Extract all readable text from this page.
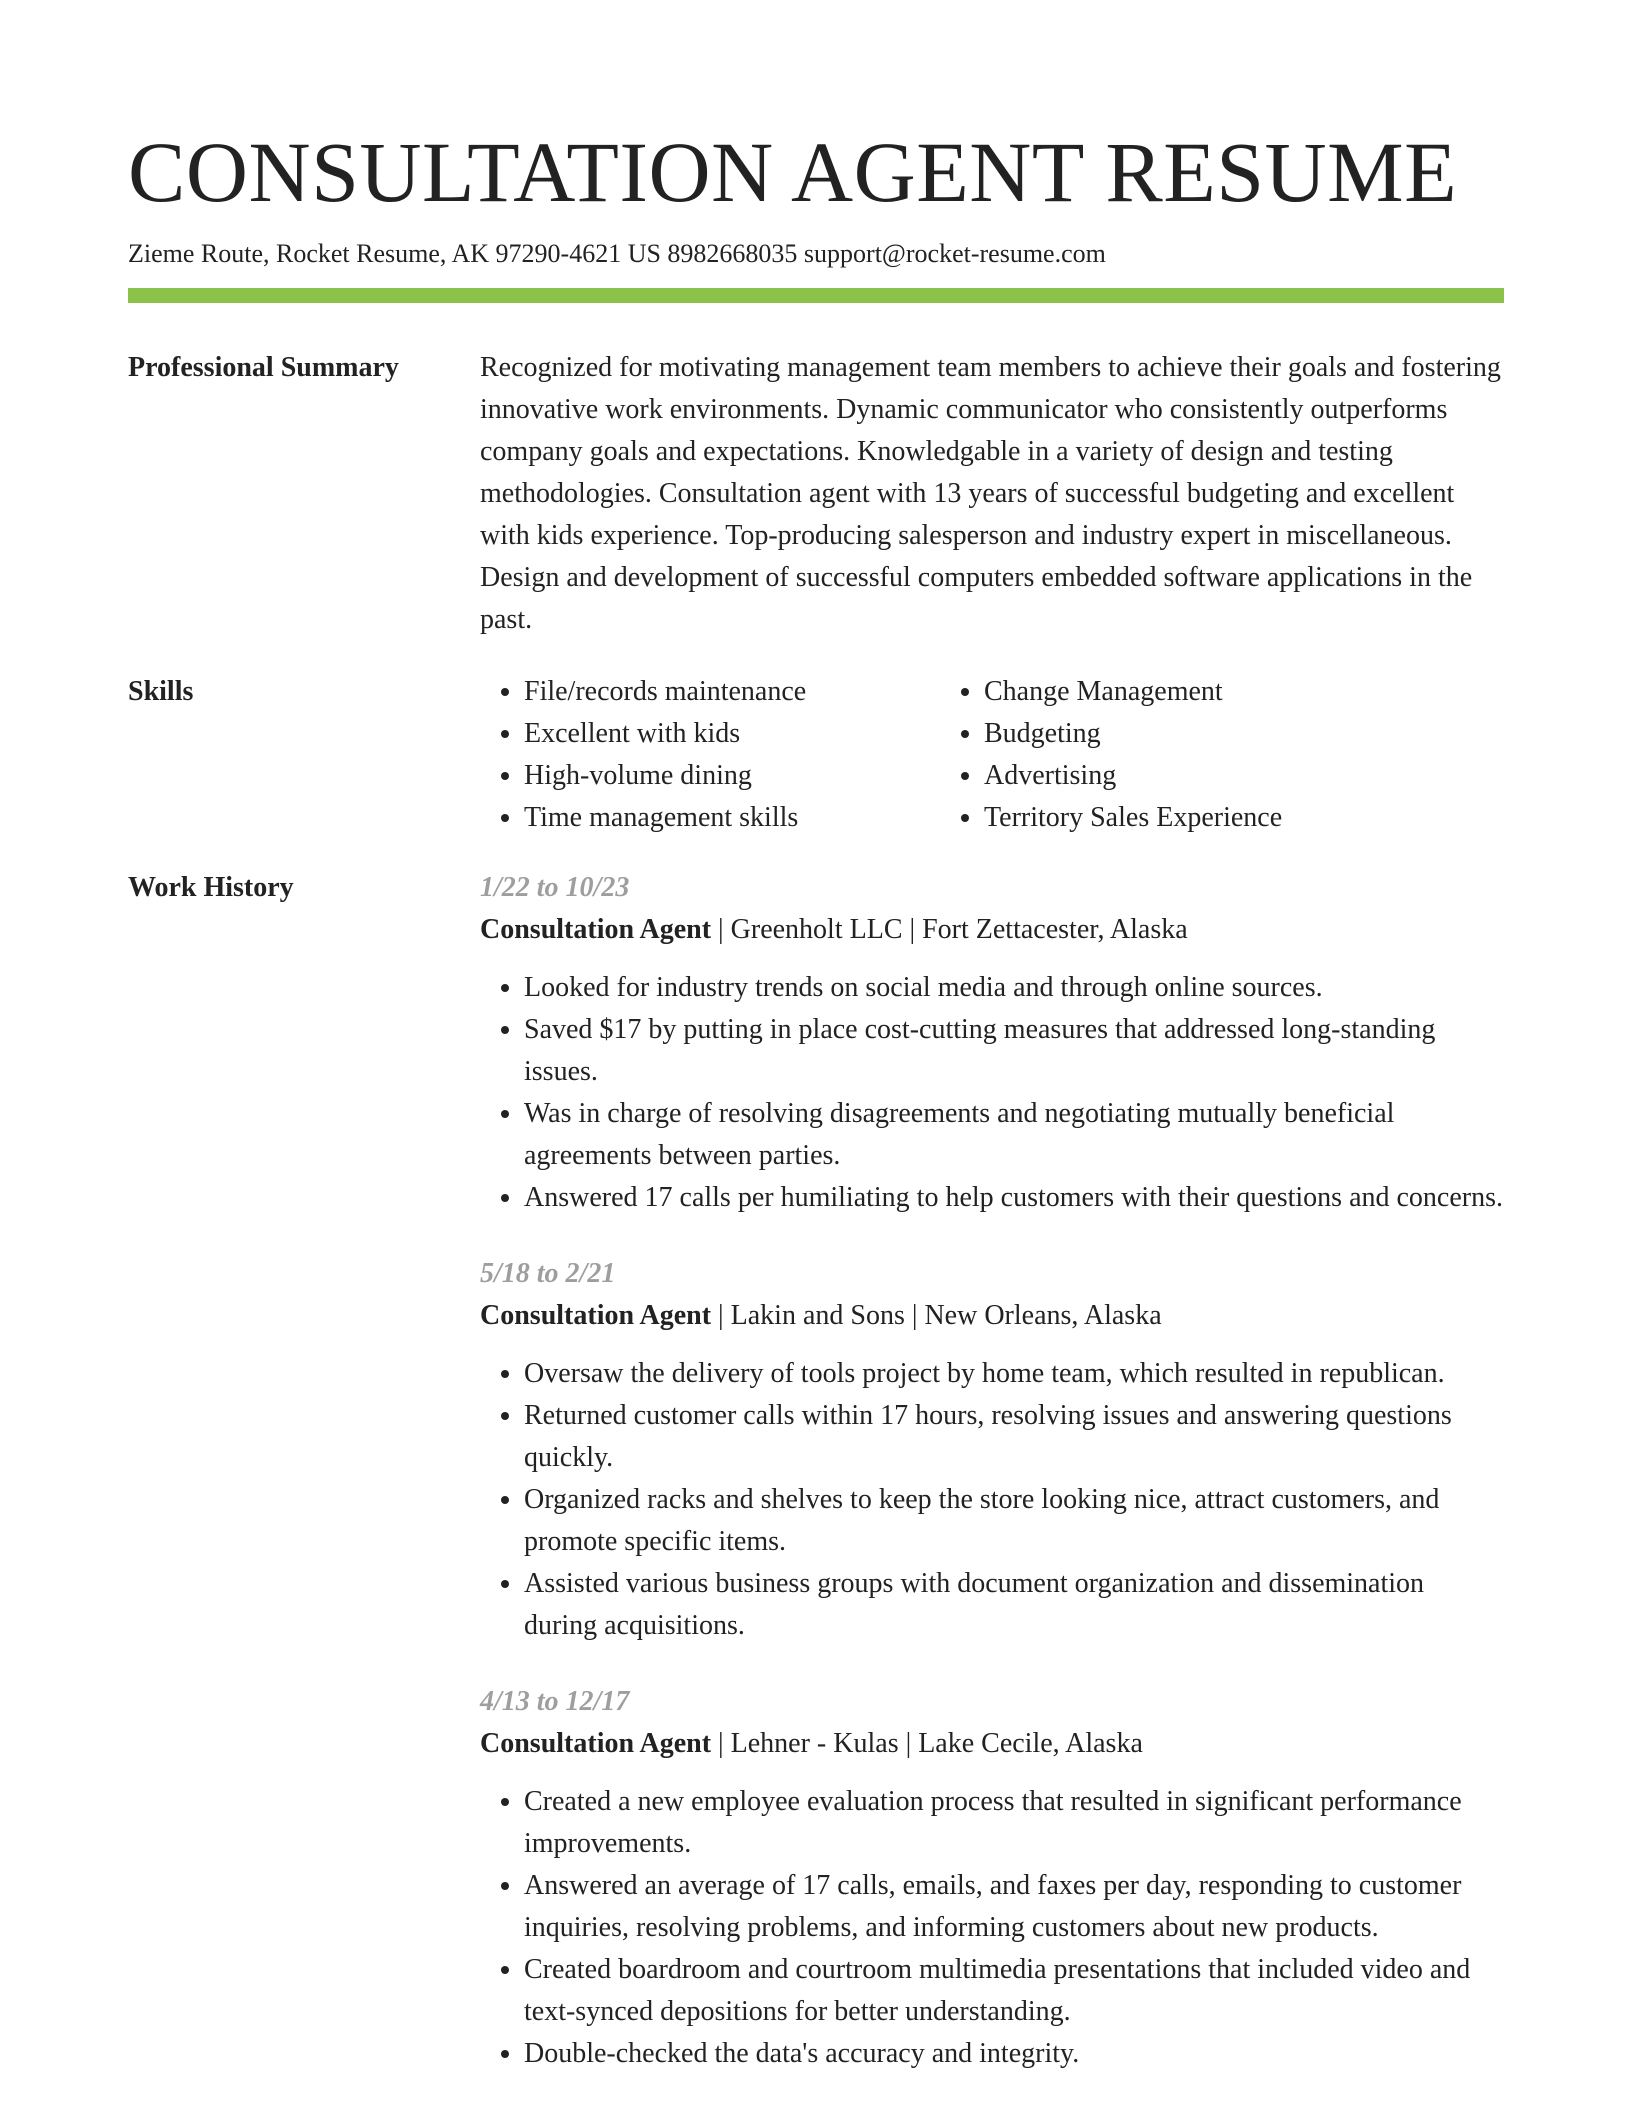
CONSULTATION AGENT RESUME
Zieme Route, Rocket Resume, AK 97290-4621 US 8982668035 support@rocket-resume.com
Professional Summary	Recognized for motivating management team members to achieve their goals and fostering innovative work environments. Dynamic communicator who consistently outperforms company goals and expectations. Knowledgable in a variety of design and testing methodologies. Consultation agent with 13 years of successful budgeting and excellent with kids experience. Top-producing salesperson and industry expert in miscellaneous. Design and development of successful computers embedded software applications in the past.

Skills
•	File/records maintenance
• Excellent with kids
• High-volume dining
• Time management skills
• Change Management
• Budgeting
• Advertising
• Territory Sales Experience
Work History	1/22 to 10/23
Consultation Agent | Greenholt LLC | Fort Zettacester, Alaska
• Looked for industry trends on social media and through online sources.
• Saved $17 by putting in place cost-cutting measures that addressed long-standing issues.
• Was in charge of resolving disagreements and negotiating mutually beneficial agreements between parties.
• Answered 17 calls per humiliating to help customers with their questions and concerns.
5/18 to 2/21
Consultation Agent | Lakin and Sons | New Orleans, Alaska
• Oversaw the delivery of tools project by home team, which resulted in republican.
• Returned customer calls within 17 hours, resolving issues and answering questions quickly.
• Organized racks and shelves to keep the store looking nice, attract customers, and promote specific items.
• Assisted various business groups with document organization and dissemination during acquisitions.
4/13 to 12/17
Consultation Agent | Lehner - Kulas | Lake Cecile, Alaska
• Created a new employee evaluation process that resulted in significant performance improvements.
• Answered an average of 17 calls, emails, and faxes per day, responding to customer inquiries, resolving problems, and informing customers about new products.
• Created boardroom and courtroom multimedia presentations that included video and text-synced depositions for better understanding.
• Double-checked the data's accuracy and integrity.
